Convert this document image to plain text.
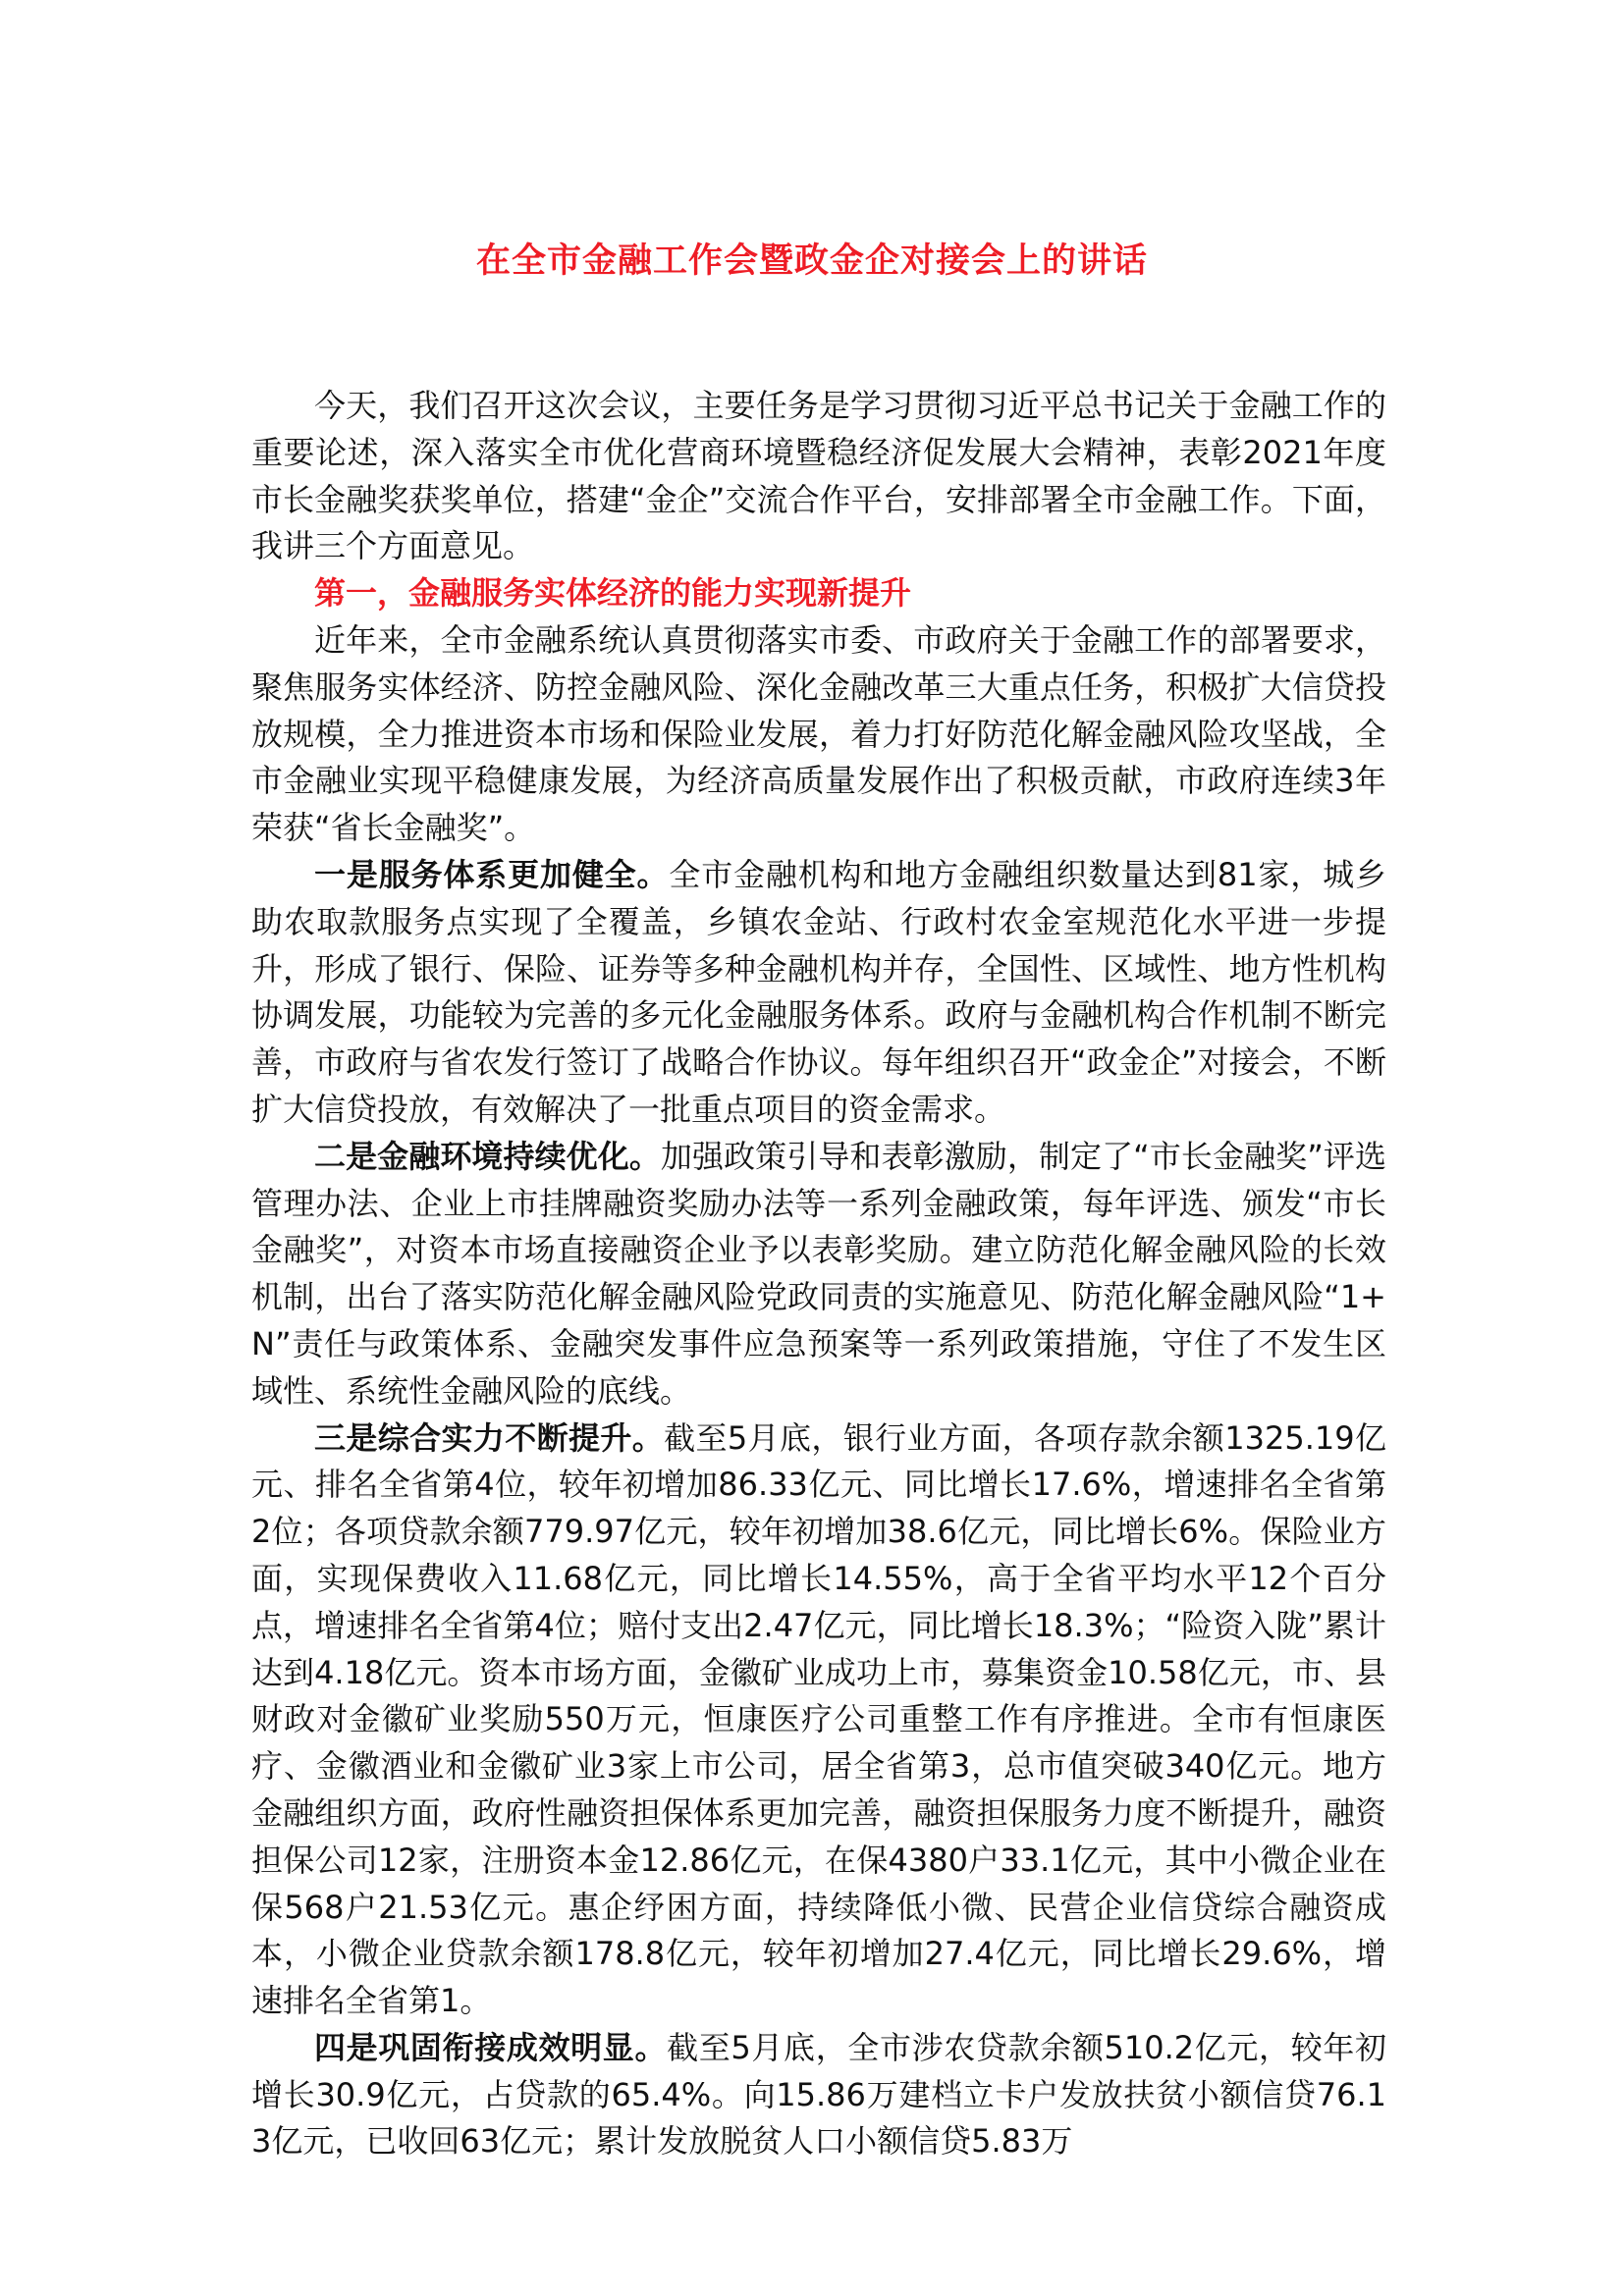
在全市金融工作会暨政金企对接会上的讲话

今天，我们召开这次会议，主要任务是学习贯彻习近平总书记关于金融工作的重要论述，深入落实全市优化营商环境暨稳经济促发展大会精神，表彰2021年度市长金融奖获奖单位，搭建“金企”交流合作平台，安排部署全市金融工作。下面，我讲三个方面意见。

第一，金融服务实体经济的能力实现新提升

近年来，全市金融系统认真贯彻落实市委、市政府关于金融工作的部署要求，聚焦服务实体经济、防控金融风险、深化金融改革三大重点任务，积极扩大信贷投放规模，全力推进资本市场和保险业发展，着力打好防范化解金融风险攻坚战，全市金融业实现平稳健康发展，为经济高质量发展作出了积极贡献，市政府连续3年荣获“省长金融奖”。

一是服务体系更加健全。全市金融机构和地方金融组织数量达到81家，城乡助农取款服务点实现了全覆盖，乡镇农金站、行政村农金室规范化水平进一步提升，形成了银行、保险、证券等多种金融机构并存，全国性、区域性、地方性机构协调发展，功能较为完善的多元化金融服务体系。政府与金融机构合作机制不断完善，市政府与省农发行签订了战略合作协议。每年组织召开“政金企”对接会，不断扩大信贷投放，有效解决了一批重点项目的资金需求。

二是金融环境持续优化。加强政策引导和表彰激励，制定了“市长金融奖”评选管理办法、企业上市挂牌融资奖励办法等一系列金融政策，每年评选、颁发“市长金融奖”，对资本市场直接融资企业予以表彰奖励。建立防范化解金融风险的长效机制，出台了落实防范化解金融风险党政同责的实施意见、防范化解金融风险“1+N”责任与政策体系、金融突发事件应急预案等一系列政策措施，守住了不发生区域性、系统性金融风险的底线。

三是综合实力不断提升。截至5月底，银行业方面，各项存款余额1325.19亿元、排名全省第4位，较年初增加86.33亿元、同比增长17.6%，增速排名全省第2位；各项贷款余额779.97亿元，较年初增加38.6亿元，同比增长6%。保险业方面，实现保费收入11.68亿元，同比增长14.55%，高于全省平均水平12个百分点，增速排名全省第4位；赔付支出2.47亿元，同比增长18.3%；“险资入陇”累计达到4.18亿元。资本市场方面，金徽矿业成功上市，募集资金10.58亿元，市、县财政对金徽矿业奖励550万元，恒康医疗公司重整工作有序推进。全市有恒康医疗、金徽酒业和金徽矿业3家上市公司，居全省第3，总市值突破340亿元。地方金融组织方面，政府性融资担保体系更加完善，融资担保服务力度不断提升，融资担保公司12家，注册资本金12.86亿元，在保4380户33.1亿元，其中小微企业在保568户21.53亿元。惠企纾困方面，持续降低小微、民营企业信贷综合融资成本，小微企业贷款余额178.8亿元，较年初增加27.4亿元，同比增长29.6%，增速排名全省第1。

四是巩固衔接成效明显。截至5月底，全市涉农贷款余额510.2亿元，较年初增长30.9亿元，占贷款的65.4%。向15.86万建档立卡户发放扶贫小额信贷76.13亿元，已收回63亿元；累计发放脱贫人口小额信贷5.83万
